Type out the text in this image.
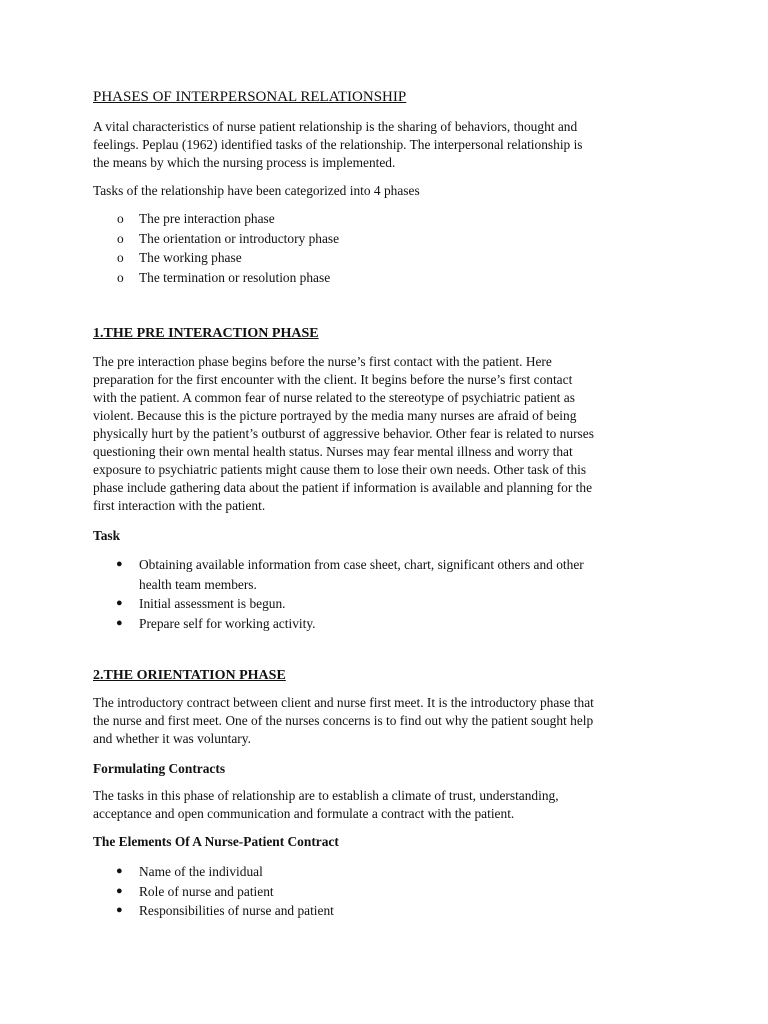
PHASES OF INTERPERSONAL RELATIONSHIP

A vital characteristics of nurse patient relationship is the sharing of behaviors, thought and
feelings. Peplau (1962) identified tasks of the relationship. The interpersonal relationship is
the means by which the nursing process is implemented.

Tasks of the relationship have been categorized into 4 phases

o The pre interaction phase
o The orientation or introductory phase
o The working phase
o The termination or resolution phase

1.THE PRE INTERACTION PHASE

The pre interaction phase begins before the nurse’s first contact with the patient. Here
preparation for the first encounter with the client. It begins before the nurse’s first contact
with the patient. A common fear of nurse related to the stereotype of psychiatric patient as
violent. Because this is the picture portrayed by the media many nurses are afraid of being
physically hurt by the patient’s outburst of aggressive behavior. Other fear is related to nurses
questioning their own mental health status. Nurses may fear mental illness and worry that
exposure to psychiatric patients might cause them to lose their own needs. Other task of this
phase include gathering data about the patient if information is available and planning for the
first interaction with the patient.

Task

● Obtaining available information from case sheet, chart, significant others and other
health team members.
● Initial assessment is begun.
● Prepare self for working activity.

2.THE ORIENTATION PHASE

The introductory contract between client and nurse first meet. It is the introductory phase that
the nurse and first meet. One of the nurses concerns is to find out why the patient sought help
and whether it was voluntary.

Formulating Contracts

The tasks in this phase of relationship are to establish a climate of trust, understanding,
acceptance and open communication and formulate a contract with the patient.

The Elements Of A Nurse-Patient Contract

● Name of the individual
● Role of nurse and patient
● Responsibilities of nurse and patient
